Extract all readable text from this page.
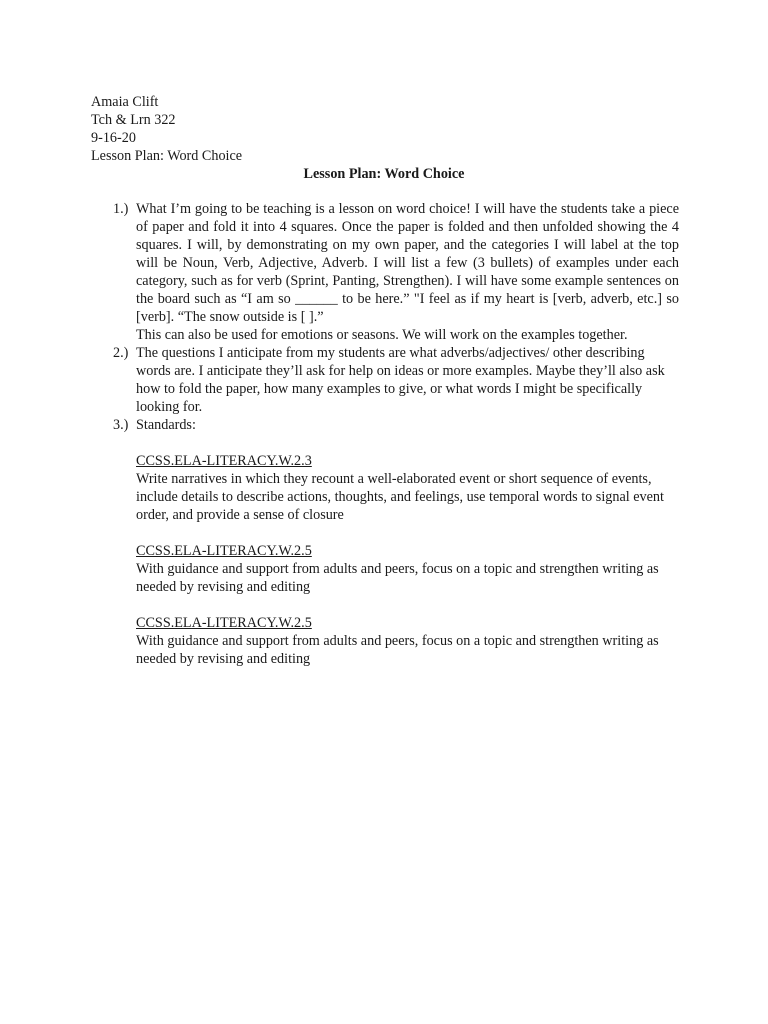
Amaia Clift
Tch & Lrn 322
9-16-20
Lesson Plan: Word Choice
Lesson Plan: Word Choice
1.) What I’m going to be teaching is a lesson on word choice! I will have the students take a piece of paper and fold it into 4 squares. Once the paper is folded and then unfolded showing the 4 squares. I will, by demonstrating on my own paper, and the categories I will label at the top will be Noun, Verb, Adjective, Adverb. I will list a few (3 bullets) of examples under each category, such as for verb (Sprint, Panting, Strengthen). I will have some example sentences on the board such as “I am so ______ to be here.” "I feel as if my heart is [verb, adverb, etc.] so [verb]. “The snow outside is [ ].”
This can also be used for emotions or seasons. We will work on the examples together.
2.) The questions I anticipate from my students are what adverbs/adjectives/ other describing words are. I anticipate they’ll ask for help on ideas or more examples. Maybe they’ll also ask how to fold the paper, how many examples to give, or what words I might be specifically looking for.
3.) Standards:
CCSS.ELA-LITERACY.W.2.3
Write narratives in which they recount a well-elaborated event or short sequence of events, include details to describe actions, thoughts, and feelings, use temporal words to signal event order, and provide a sense of closure
CCSS.ELA-LITERACY.W.2.5
With guidance and support from adults and peers, focus on a topic and strengthen writing as needed by revising and editing
CCSS.ELA-LITERACY.W.2.5
With guidance and support from adults and peers, focus on a topic and strengthen writing as needed by revising and editing
